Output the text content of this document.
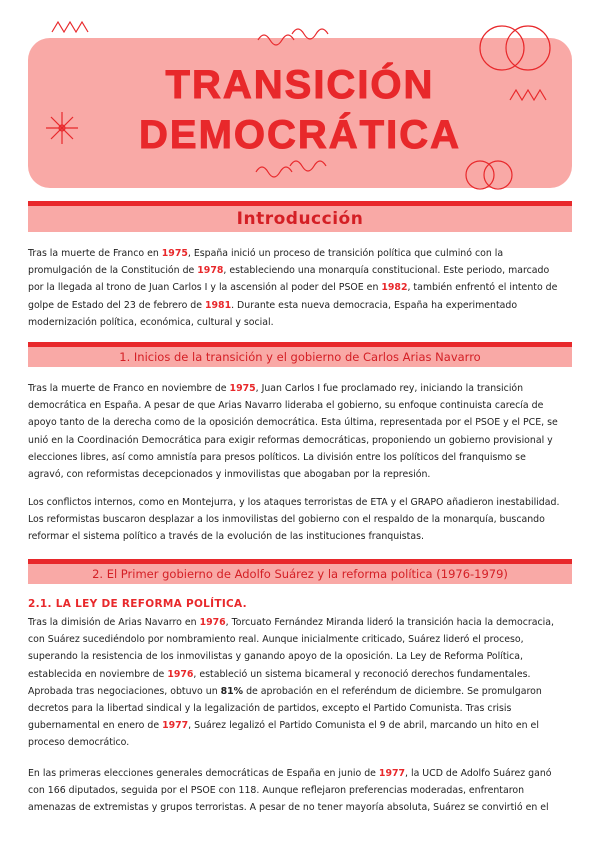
TRANSICIÓN
DEMOCRÁTICA
Introducción

Tras la muerte de Franco en 1975, España inició un proceso de transición política que culminó con la promulgación de la Constitución de 1978, estableciendo una monarquía constitucional. Este periodo, marcado por la llegada al trono de Juan Carlos I y la ascensión al poder del PSOE en 1982, también enfrentó el intento de golpe de Estado del 23 de febrero de 1981. Durante esta nueva democracia, España ha experimentado modernización política, económica, cultural y social.

1. Inicios de la transición y el gobierno de Carlos Arias Navarro

Tras la muerte de Franco en noviembre de 1975, Juan Carlos I fue proclamado rey, iniciando la transición democrática en España. A pesar de que Arias Navarro lideraba el gobierno, su enfoque continuista carecía de apoyo tanto de la derecha como de la oposición democrática. Esta última, representada por el PSOE y el PCE, se unió en la Coordinación Democrática para exigir reformas democráticas, proponiendo un gobierno provisional y elecciones libres, así como amnistía para presos políticos. La división entre los políticos del franquismo se agravó, con reformistas decepcionados y inmovilistas que abogaban por la represión.

Los conflictos internos, como en Montejurra, y los ataques terroristas de ETA y el GRAPO añadieron inestabilidad. Los reformistas buscaron desplazar a los inmovilistas del gobierno con el respaldo de la monarquía, buscando reformar el sistema político a través de la evolución de las instituciones franquistas.

2. El Primer gobierno de Adolfo Suárez y la reforma política (1976-1979)

2.1. LA LEY DE REFORMA POLÍTICA.

Tras la dimisión de Arias Navarro en 1976, Torcuato Fernández Miranda lideró la transición hacia la democracia, con Suárez sucediéndolo por nombramiento real. Aunque inicialmente criticado, Suárez lideró el proceso, superando la resistencia de los inmovilistas y ganando apoyo de la oposición. La Ley de Reforma Política, establecida en noviembre de 1976, estableció un sistema bicameral y reconoció derechos fundamentales. Aprobada tras negociaciones, obtuvo un 81% de aprobación en el referéndum de diciembre. Se promulgaron decretos para la libertad sindical y la legalización de partidos, excepto el Partido Comunista. Tras crisis gubernamental en enero de 1977, Suárez legalizó el Partido Comunista el 9 de abril, marcando un hito en el proceso democrático.

En las primeras elecciones generales democráticas de España en junio de 1977, la UCD de Adolfo Suárez ganó con 166 diputados, seguida por el PSOE con 118. Aunque reflejaron preferencias moderadas, enfrentaron amenazas de extremistas y grupos terroristas. A pesar de no tener mayoría absoluta, Suárez se convirtió en el
